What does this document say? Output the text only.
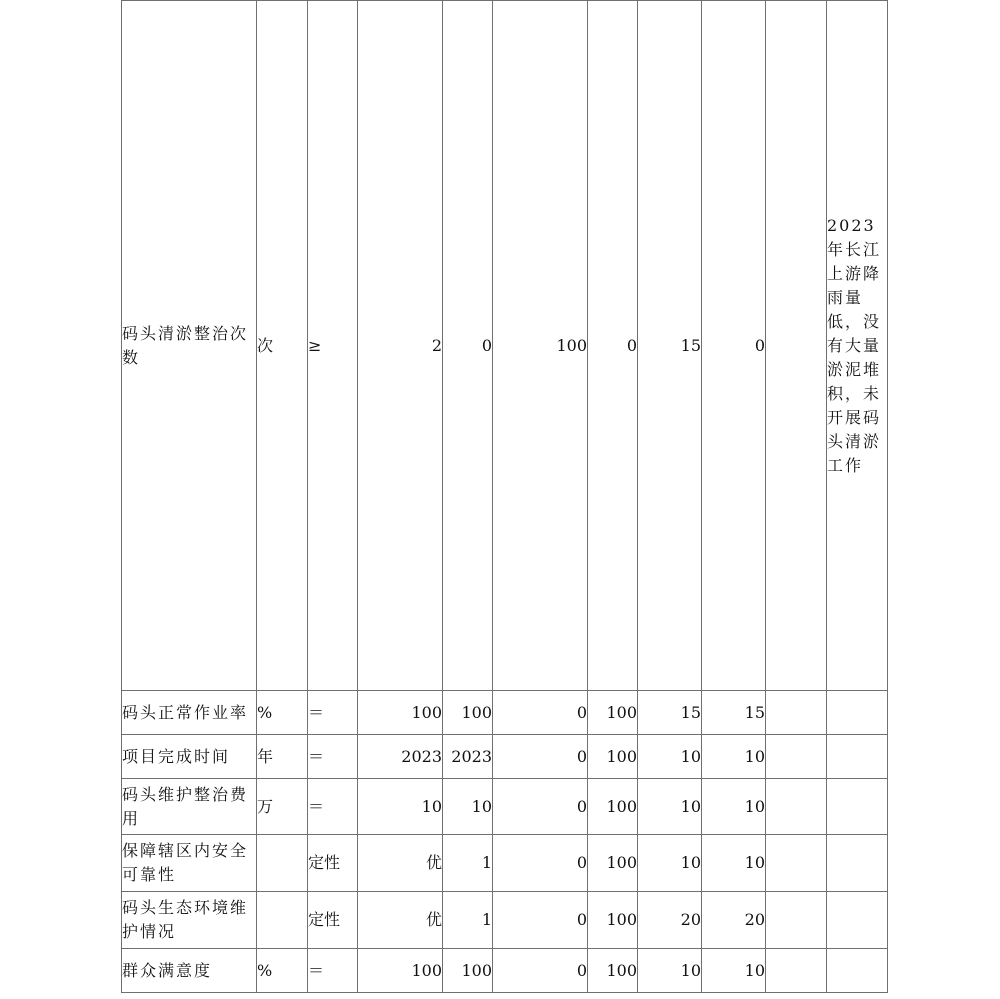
码头清淤整治次数	次	≥	2	0	100	0	15	0		2023年长江上游降雨量低，没有大量淤泥堆积，未开展码头清淤工作
码头正常作业率	%	＝	100	100	0	100	15	15		
项目完成时间	年	＝	2023	2023	0	100	10	10		
码头维护整治费用	万	＝	10	10	0	100	10	10		
保障辖区内安全可靠性		定性	优	1	0	100	10	10		
码头生态环境维护情况		定性	优	1	0	100	20	20		
群众满意度	%	＝	100	100	0	100	10	10		
